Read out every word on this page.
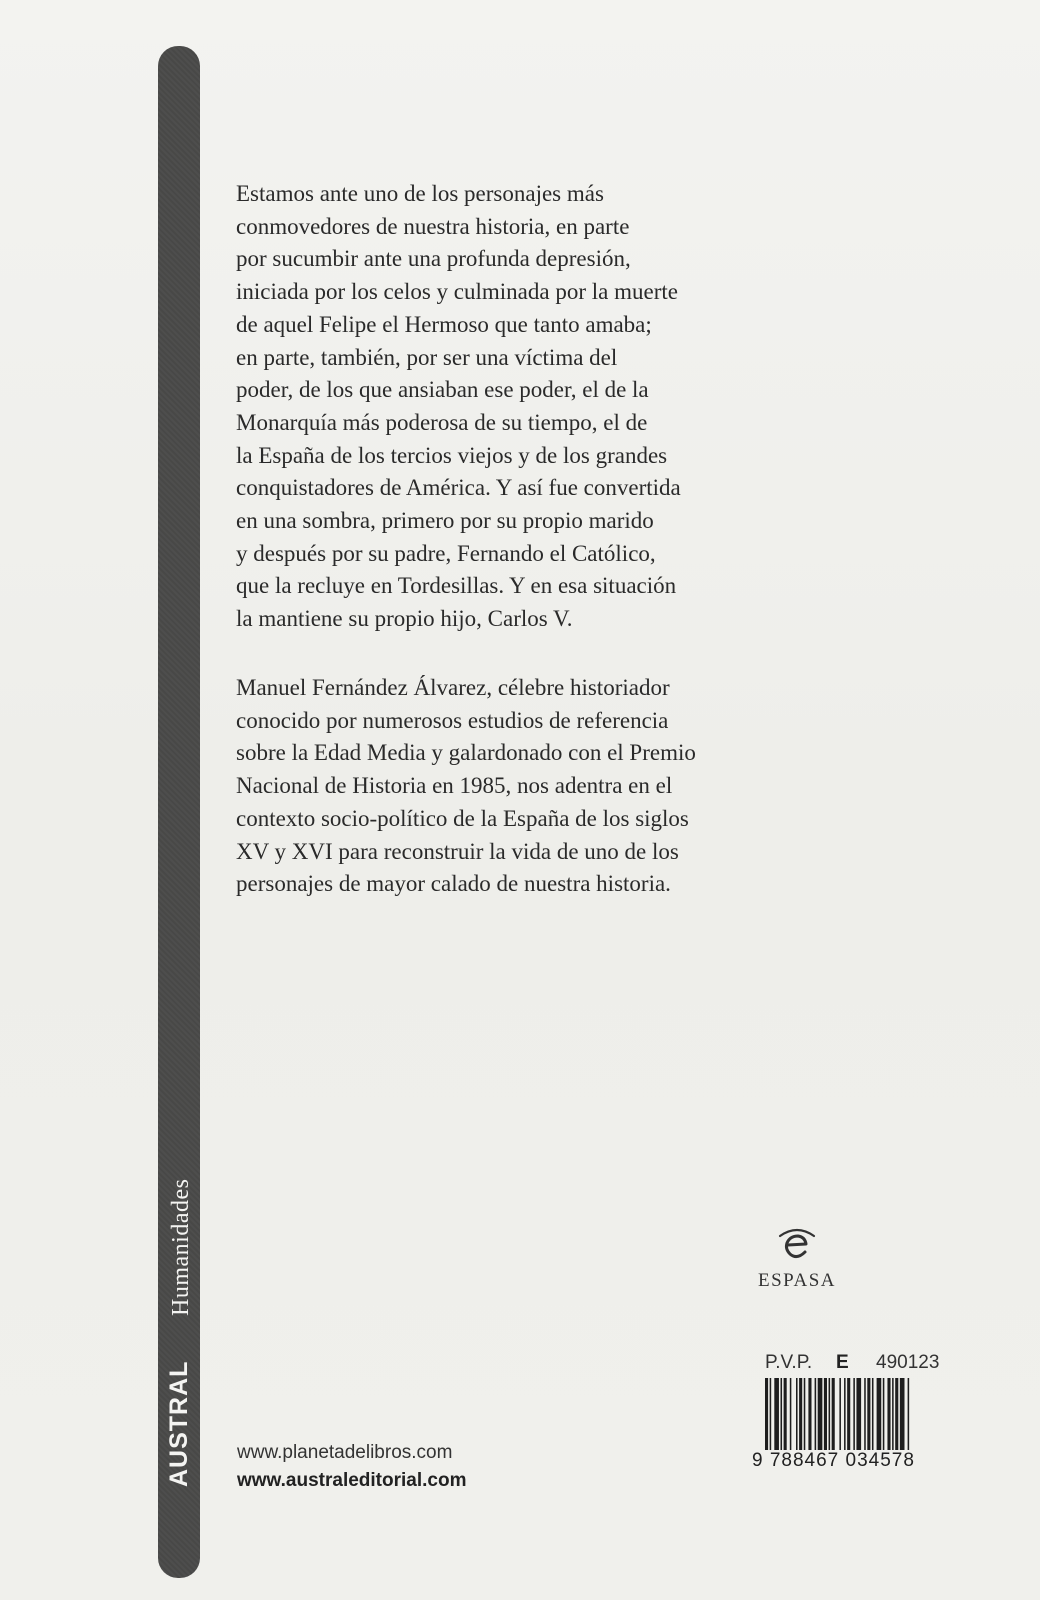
Humanidades
AUSTRAL

Estamos ante uno de los personajes más
conmovedores de nuestra historia, en parte
por sucumbir ante una profunda depresión,
iniciada por los celos y culminada por la muerte
de aquel Felipe el Hermoso que tanto amaba;
en parte, también, por ser una víctima del
poder, de los que ansiaban ese poder, el de la
Monarquía más poderosa de su tiempo, el de
la España de los tercios viejos y de los grandes
conquistadores de América. Y así fue convertida
en una sombra, primero por su propio marido
y después por su padre, Fernando el Católico,
que la recluye en Tordesillas. Y en esa situación
la mantiene su propio hijo, Carlos V.

Manuel Fernández Álvarez, célebre historiador
conocido por numerosos estudios de referencia
sobre la Edad Media y galardonado con el Premio
Nacional de Historia en 1985, nos adentra en el
contexto socio-político de la España de los siglos
XV y XVI para reconstruir la vida de uno de los
personajes de mayor calado de nuestra historia.

ESPASA
P.V.P. E 490123
9 788467 034578
www.planetadelibros.com
www.australeditorial.com
